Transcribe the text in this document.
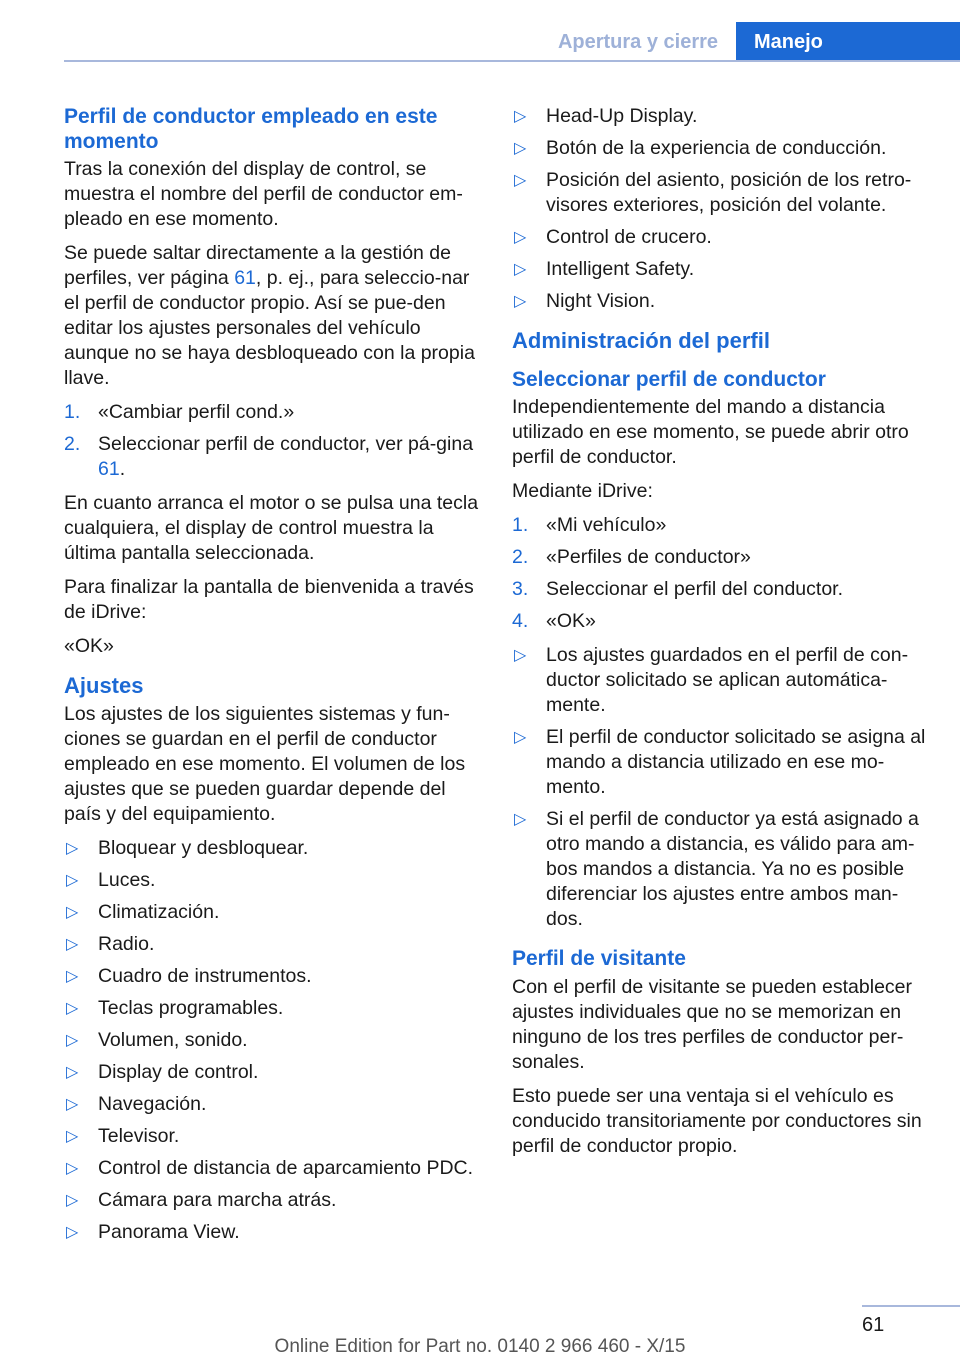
Apertura y cierre	Manejo
Perfil de conductor empleado en este momento

Tras la conexión del display de control, se muestra el nombre del perfil de conductor em-pleado en ese momento.

Se puede saltar directamente a la gestión de perfiles, ver página 61, p. ej., para seleccio-nar el perfil de conductor propio. Así se pue-den editar los ajustes personales del vehículo aunque no se haya desbloqueado con la propia llave.

1. «Cambiar perfil cond.»
2. Seleccionar perfil de conductor, ver pá-gina 61.

En cuanto arranca el motor o se pulsa una tecla cualquiera, el display de control muestra la última pantalla seleccionada.

Para finalizar la pantalla de bienvenida a través de iDrive:

«OK»

Ajustes

Los ajustes de los siguientes sistemas y fun-ciones se guardan en el perfil de conductor empleado en ese momento. El volumen de los ajustes que se pueden guardar depende del país y del equipamiento.

▷ Bloquear y desbloquear.
▷ Luces.
▷ Climatización.
▷ Radio.
▷ Cuadro de instrumentos.
▷ Teclas programables.
▷ Volumen, sonido.
▷ Display de control.
▷ Navegación.
▷ Televisor.
▷ Control de distancia de aparcamiento PDC.
▷ Cámara para marcha atrás.
▷ Panorama View.
▷ Head-Up Display.
▷ Botón de la experiencia de conducción.
▷ Posición del asiento, posición de los retro-visores exteriores, posición del volante.
▷ Control de crucero.
▷ Intelligent Safety.
▷ Night Vision.
Administración del perfil
Seleccionar perfil de conductor

Independientemente del mando a distancia utilizado en ese momento, se puede abrir otro perfil de conductor.

Mediante iDrive:

1. «Mi vehículo»
2. «Perfiles de conductor»
3. Seleccionar el perfil del conductor.
4. «OK»
▷ Los ajustes guardados en el perfil de con-ductor solicitado se aplican automática-mente.
▷ El perfil de conductor solicitado se asigna al mando a distancia utilizado en ese mo-mento.
▷ Si el perfil de conductor ya está asignado a otro mando a distancia, es válido para am-bos mandos a distancia. Ya no es posible diferenciar los ajustes entre ambos man-dos.
Perfil de visitante

Con el perfil de visitante se pueden establecer ajustes individuales que no se memorizan en ninguno de los tres perfiles de conductor per-sonales.

Esto puede ser una ventaja si el vehículo es conducido transitoriamente por conductores sin perfil de conductor propio.

61
Online Edition for Part no. 0140 2 966 460 - X/15
